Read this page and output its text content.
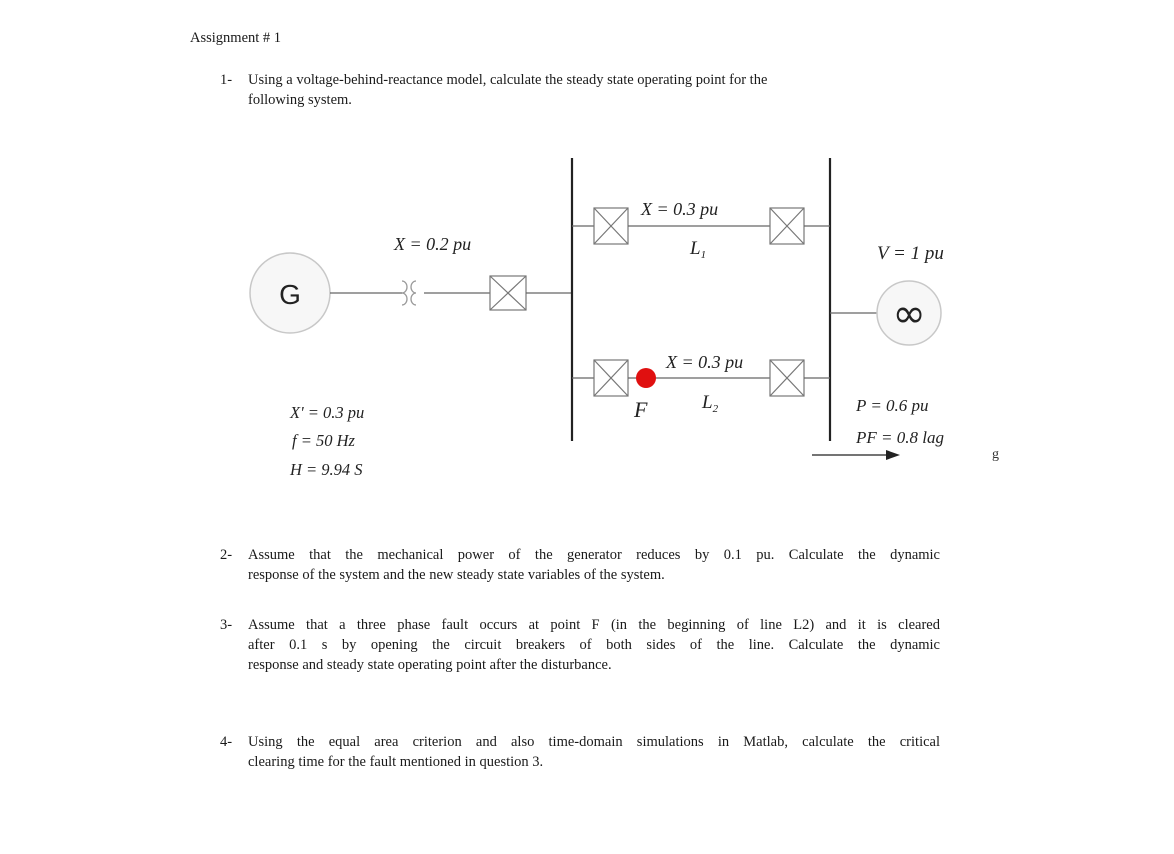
Assignment # 1
1- Using a voltage-behind-reactance model, calculate the steady state operating point for the
following system.
G	∞
X = 0.2 pu
X = 0.3 pu
$L_1$
X = 0.3 pu
$L_2$
F
V = 1 pu
X' = 0.3 pu
f = 50 Hz
H = 9.94 S
P = 0.6 pu
PF = 0.8 lag
g
2- Assume that the mechanical power of the generator reduces by 0.1 pu. Calculate the dynamic
response of the system and the new steady state variables of the system.
3- Assume that a three phase fault occurs at point F (in the beginning of line L2) and it is cleared
after 0.1 s by opening the circuit breakers of both sides of the line. Calculate the dynamic
response and steady state operating point after the disturbance.
4- Using the equal area criterion and also time-domain simulations in Matlab, calculate the critical
clearing time for the fault mentioned in question 3.
